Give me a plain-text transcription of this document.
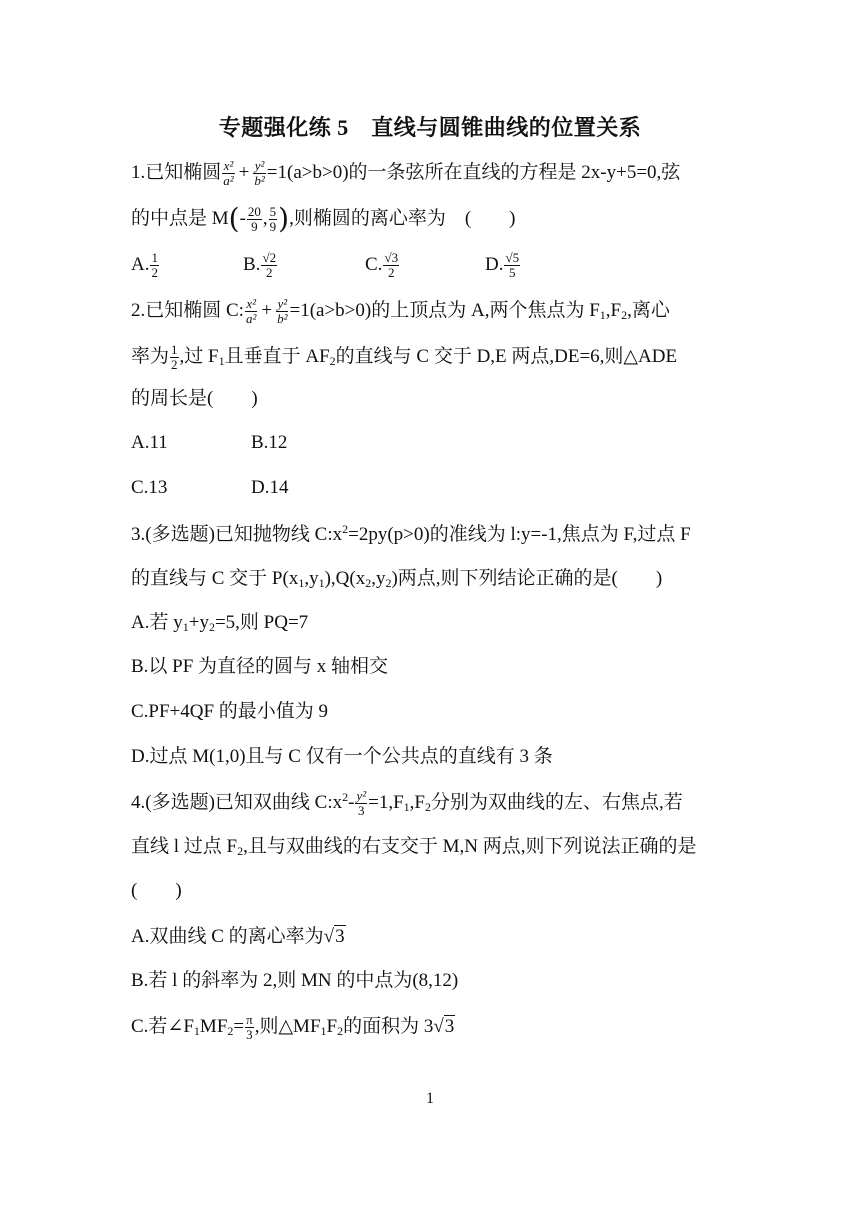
专题强化练 5　直线与圆锥曲线的位置关系
1.已知椭圆 $\frac{\text{x²}}{\text{a²}} + \frac{\text{y²}}{\text{b²}} =1(a>b>0)$的一条弦所在直线的方程是 2x-y+5=0,弦
的中点是 $M(- \frac{20}{9}$ , $\frac{5}{9}$ ),则椭圆的离心率为　(　　)
A. $\frac{1}{2}$	B. $\frac{√2}{2}$	C. $\frac{√3}{2}$	D. $\frac{√5}{5}$
2.已知椭圆 C: $\frac{\text{x²}}{\text{a²}} + \frac{\text{y²}}{\text{b²}} =1(a>b>0)$的上顶点为 A,两个焦点为 $F_1,F_2$,离心
率为 $\frac{1}{2}$ ,过 $F_1$且垂直于 $AF_2$的直线与 C 交于 D,E 两点,DE=6,则△ADE
的周长是(　　)
A.11	B.12
C.13	D.14
3.(多选题)已知抛物线 $C:x^2=2py(p>0)$的准线为 l:y=-1,焦点为 F,过点 F
的直线与 C 交于 $P(x_1,y_1),Q(x_2,y_2)$两点,则下列结论正确的是(　　)
A.若 $y_1+y_2=5$,则 PQ=7
B.以 PF 为直径的圆与 x 轴相交
C.PF+4QF 的最小值为 9
D.过点 M(1,0)且与 C 仅有一个公共点的直线有 3 条
4.(多选题)已知双曲线 $C:x^2- \frac{\text{y²}}{3} =1,F_1,F_2$分别为双曲线的左、右焦点,若
直线 l 过点 $F_2$,且与双曲线的右支交于 M,N 两点,则下列说法正确的是
(　　)
A.双曲线 C 的离心率为√3
B.若 l 的斜率为 2,则 MN 的中点为(8,12)
C.若$\angle F_1MF_2= \frac{\pi}{3}$ ,则$\triangle MF_1F_2$的面积为 3√3
1
